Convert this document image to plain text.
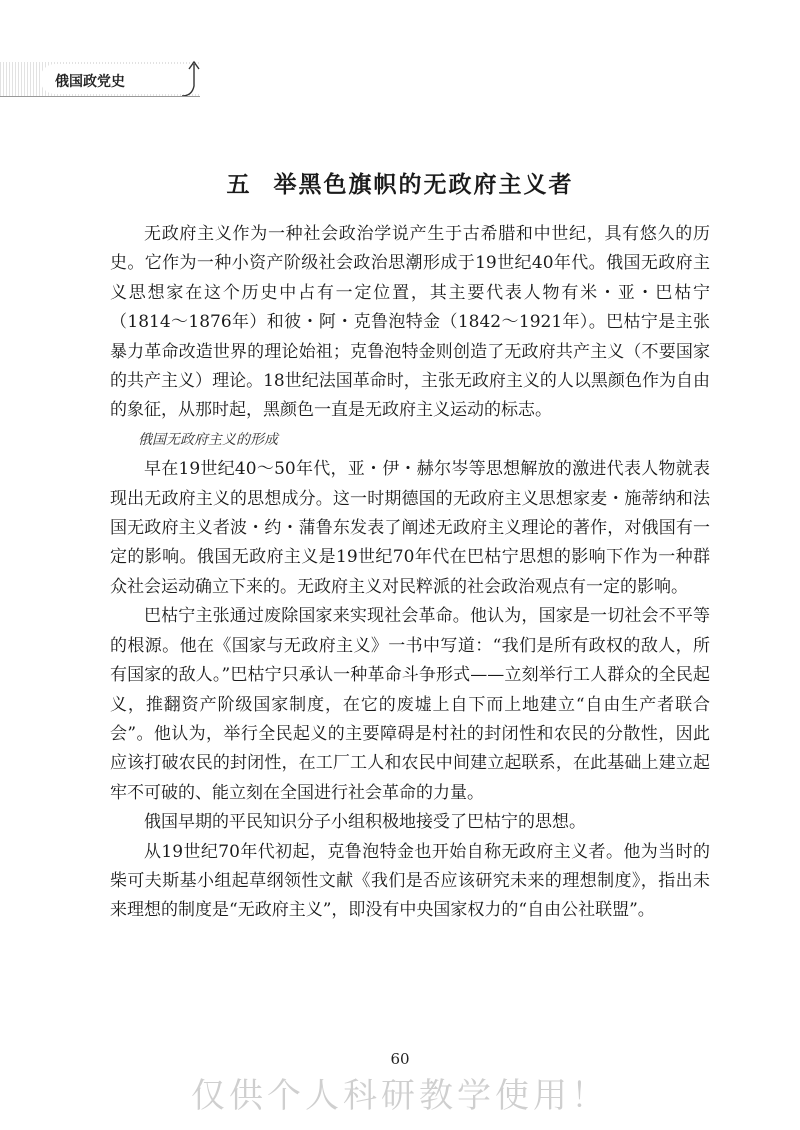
俄国政党史
五 举黑色旗帜的无政府主义者

无政府主义作为一种社会政治学说产生于古希腊和中世纪，具有悠久的历史。它作为一种小资产阶级社会政治思潮形成于19世纪40年代。俄国无政府主义思想家在这个历史中占有一定位置，其主要代表人物有米・亚・巴枯宁（1814～1876年）和彼・阿・克鲁泡特金（1842～1921年）。巴枯宁是主张暴力革命改造世界的理论始祖；克鲁泡特金则创造了无政府共产主义（不要国家的共产主义）理论。18世纪法国革命时，主张无政府主义的人以黑颜色作为自由的象征，从那时起，黑颜色一直是无政府主义运动的标志。

俄国无政府主义的形成

早在19世纪40～50年代，亚・伊・赫尔岑等思想解放的激进代表人物就表现出无政府主义的思想成分。这一时期德国的无政府主义思想家麦・施蒂纳和法国无政府主义者波・约・蒲鲁东发表了阐述无政府主义理论的著作，对俄国有一定的影响。俄国无政府主义是19世纪70年代在巴枯宁思想的影响下作为一种群众社会运动确立下来的。无政府主义对民粹派的社会政治观点有一定的影响。

巴枯宁主张通过废除国家来实现社会革命。他认为，国家是一切社会不平等的根源。他在《国家与无政府主义》一书中写道：“我们是所有政权的敌人，所有国家的敌人。”巴枯宁只承认一种革命斗争形式——立刻举行工人群众的全民起义，推翻资产阶级国家制度，在它的废墟上自下而上地建立“自由生产者联合会”。他认为，举行全民起义的主要障碍是村社的封闭性和农民的分散性，因此应该打破农民的封闭性，在工厂工人和农民中间建立起联系，在此基础上建立起牢不可破的、能立刻在全国进行社会革命的力量。

俄国早期的平民知识分子小组积极地接受了巴枯宁的思想。

从19世纪70年代初起，克鲁泡特金也开始自称无政府主义者。他为当时的柴可夫斯基小组起草纲领性文献《我们是否应该研究未来的理想制度》，指出未来理想的制度是“无政府主义”，即没有中央国家权力的“自由公社联盟”。

60
仅供个人科研教学使用！
